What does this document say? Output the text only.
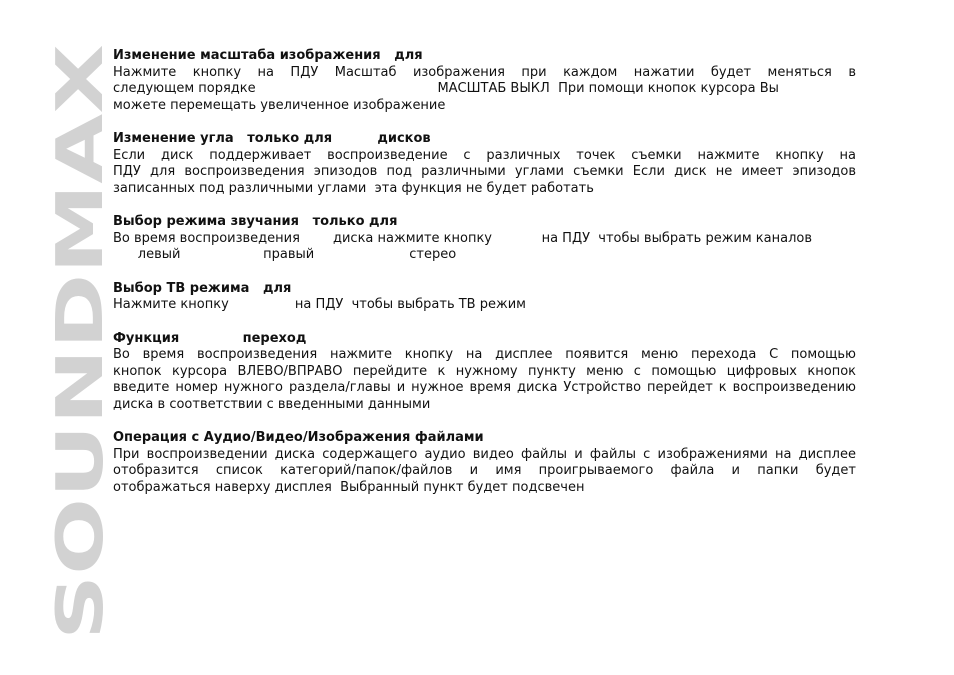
SOUNDMAX
Изменение масштаба изображения   для

Нажмите кнопку на ПДУ Масштаб изображения при каждом нажатии будет меняться в

следующем порядке                                            МАСШТАБ ВЫКЛ  При помощи кнопок курсора Вы

можете перемещать увеличенное изображение

Изменение угла   только для          дисков

Если диск поддерживает воспроизведение с различных точек съемки нажмите кнопку на

ПДУ для воспроизведения эпизодов под различными углами съемки Если диск не имеет эпизодов

записанных под различными углами  эта функция не будет работать

Выбор режима звучания   только для

Во время воспроизведения        диска нажмите кнопку            на ПДУ  чтобы выбрать режим каналов

левый                    правый                       стерео

Выбор ТВ режима   для

Нажмите кнопку                на ПДУ  чтобы выбрать ТВ режим

Функция              переход

Во время воспроизведения нажмите кнопку на дисплее появится меню перехода С помощью

кнопок курсора ВЛЕВО/ВПРАВО перейдите к нужному пункту меню с помощью цифровых кнопок

введите номер нужного раздела/главы и нужное время диска Устройство перейдет к воспроизведению

диска в соответствии с введенными данными

Операция с Аудио/Видео/Изображения файлами

При воспроизведении диска содержащего аудио видео файлы и файлы с изображениями на дисплее

отобразится список категорий/папок/файлов и имя проигрываемого файла и папки будет

отображаться наверху дисплея  Выбранный пункт будет подсвечен
